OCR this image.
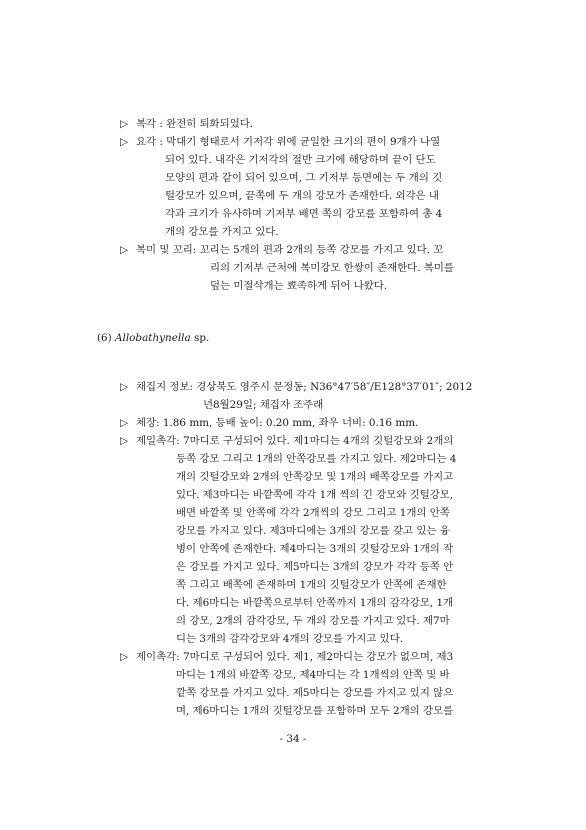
▷ 복각 : 완전히 퇴화되었다.
▷ 요각 : 막대기 형태로서 기저각 위에 균일한 크기의 편이 9개가 나열
되어 있다. 내각은 기저각의 절반 크기에 해당하며 끝이 단도
모양의 편과 같이 되어 있으며, 그 기저부 등면에는 두 개의 깃
털강모가 있으며, 끝쪽에 두 개의 강모가 존재한다. 외각은 내
각과 크기가 유사하며 기저부 배면 쪽의 강모를 포함하여 총 4
개의 강모를 가지고 있다.
▷ 복미 및 꼬리: 꼬리는 5개의 편과 2개의 등쪽 강모를 가지고 있다. 꼬
리의 기저부 근처에 복미강모 한쌍이 존재한다. 복미를
덮는 미절삭개는 뾰족하게 뒤어 나왔다.
(6) Allobathynella sp.
▷ 채집지 정보: 경상북도 영주시 문정동; N36°47′58″/E128°37′01″; 2012
년8월29일; 채집자 조주래
▷ 체장: 1.86 mm, 등배 높이: 0.20 mm, 좌우 너비: 0.16 mm.
▷ 제일촉각: 7마디로 구성되어 있다. 제1마디는 4개의 깃털강모와 2개의
등쪽 강모 그리고 1개의 안쪽강모를 가지고 있다. 제2마디는 4
개의 깃털강모와 2개의 안쪽강모 및 1개의 배쪽강모를 가지고
있다. 제3마디는 바깥쪽에 각각 1개 씩의 긴 강모와 깃털강모,
배면 바깥쪽 및 안쪽에 각각 2개씩의 강모 그리고 1개의 안쪽
강모를 가지고 있다. 제3마디에는 3개의 강모를 갖고 있는 융
병이 안쪽에 존재한다. 제4마디는 3개의 깃털강모와 1개의 작
은 강모를 가지고 있다. 제5마디는 3개의 강모가 각각 등쪽 안
쪽 그리고 배쪽에 존재하며 1개의 깃털강모가 안쪽에 존재한
다. 제6마디는 바깥쪽으로부터 안쪽까지 1개의 감각강모, 1개
의 강모, 2개의 감각강모, 두 개의 강모를 가지고 있다. 제7마
디는 3개의 감각강모와 4개의 강모를 가지고 있다.
▷ 제이촉각: 7마디로 구성되어 있다. 제1, 제2마디는 강모가 없으며, 제3
마디는 1개의 바깥쪽 강모, 제4마디는 각 1개씩의 안쪽 및 바
깥쪽 강모를 가지고 있다. 제5마디는 강모를 가지고 있지 않으
며, 제6마디는 1개의 깃털강모를 포함하며 모두 2개의 강모를
- 34 -
